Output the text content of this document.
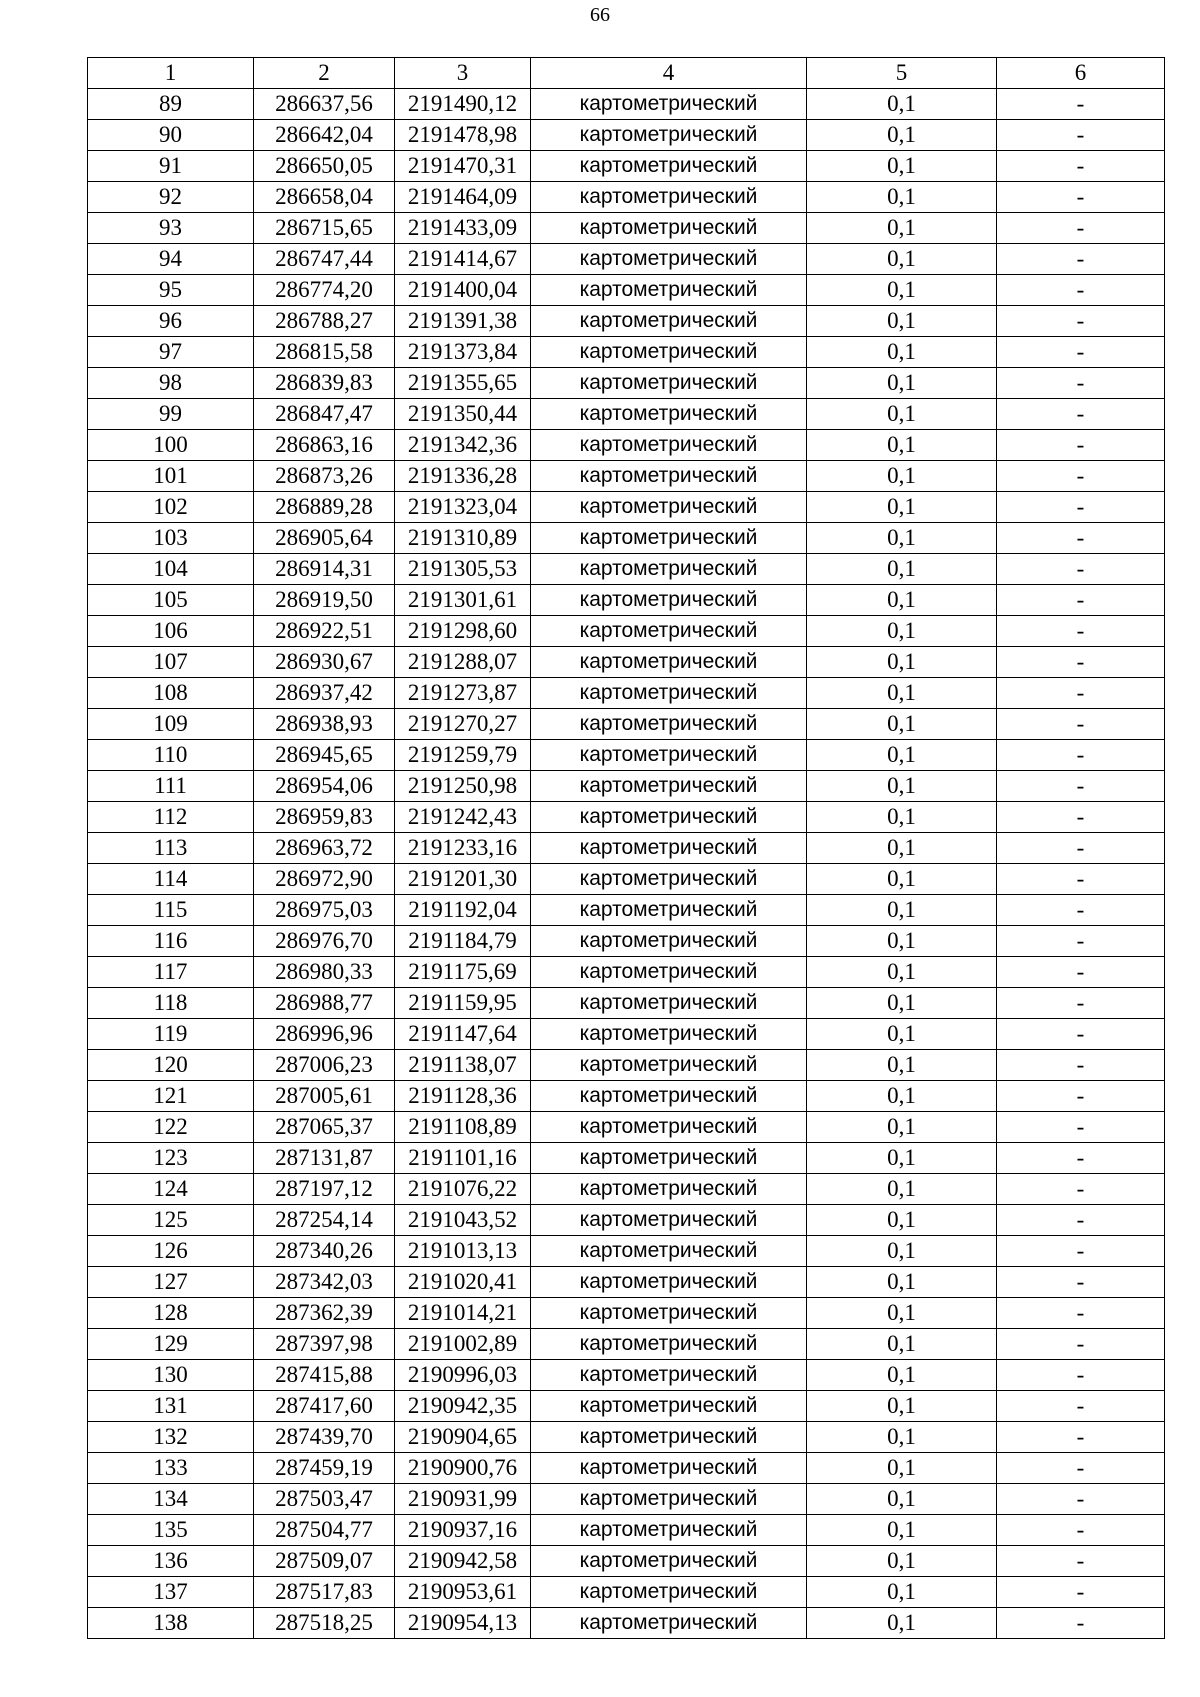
66
1	2	3	4	5	6
89	286637,56	2191490,12	картометрический	0,1	-
90	286642,04	2191478,98	картометрический	0,1	-
91	286650,05	2191470,31	картометрический	0,1	-
92	286658,04	2191464,09	картометрический	0,1	-
93	286715,65	2191433,09	картометрический	0,1	-
94	286747,44	2191414,67	картометрический	0,1	-
95	286774,20	2191400,04	картометрический	0,1	-
96	286788,27	2191391,38	картометрический	0,1	-
97	286815,58	2191373,84	картометрический	0,1	-
98	286839,83	2191355,65	картометрический	0,1	-
99	286847,47	2191350,44	картометрический	0,1	-
100	286863,16	2191342,36	картометрический	0,1	-
101	286873,26	2191336,28	картометрический	0,1	-
102	286889,28	2191323,04	картометрический	0,1	-
103	286905,64	2191310,89	картометрический	0,1	-
104	286914,31	2191305,53	картометрический	0,1	-
105	286919,50	2191301,61	картометрический	0,1	-
106	286922,51	2191298,60	картометрический	0,1	-
107	286930,67	2191288,07	картометрический	0,1	-
108	286937,42	2191273,87	картометрический	0,1	-
109	286938,93	2191270,27	картометрический	0,1	-
110	286945,65	2191259,79	картометрический	0,1	-
111	286954,06	2191250,98	картометрический	0,1	-
112	286959,83	2191242,43	картометрический	0,1	-
113	286963,72	2191233,16	картометрический	0,1	-
114	286972,90	2191201,30	картометрический	0,1	-
115	286975,03	2191192,04	картометрический	0,1	-
116	286976,70	2191184,79	картометрический	0,1	-
117	286980,33	2191175,69	картометрический	0,1	-
118	286988,77	2191159,95	картометрический	0,1	-
119	286996,96	2191147,64	картометрический	0,1	-
120	287006,23	2191138,07	картометрический	0,1	-
121	287005,61	2191128,36	картометрический	0,1	-
122	287065,37	2191108,89	картометрический	0,1	-
123	287131,87	2191101,16	картометрический	0,1	-
124	287197,12	2191076,22	картометрический	0,1	-
125	287254,14	2191043,52	картометрический	0,1	-
126	287340,26	2191013,13	картометрический	0,1	-
127	287342,03	2191020,41	картометрический	0,1	-
128	287362,39	2191014,21	картометрический	0,1	-
129	287397,98	2191002,89	картометрический	0,1	-
130	287415,88	2190996,03	картометрический	0,1	-
131	287417,60	2190942,35	картометрический	0,1	-
132	287439,70	2190904,65	картометрический	0,1	-
133	287459,19	2190900,76	картометрический	0,1	-
134	287503,47	2190931,99	картометрический	0,1	-
135	287504,77	2190937,16	картометрический	0,1	-
136	287509,07	2190942,58	картометрический	0,1	-
137	287517,83	2190953,61	картометрический	0,1	-
138	287518,25	2190954,13	картометрический	0,1	-
